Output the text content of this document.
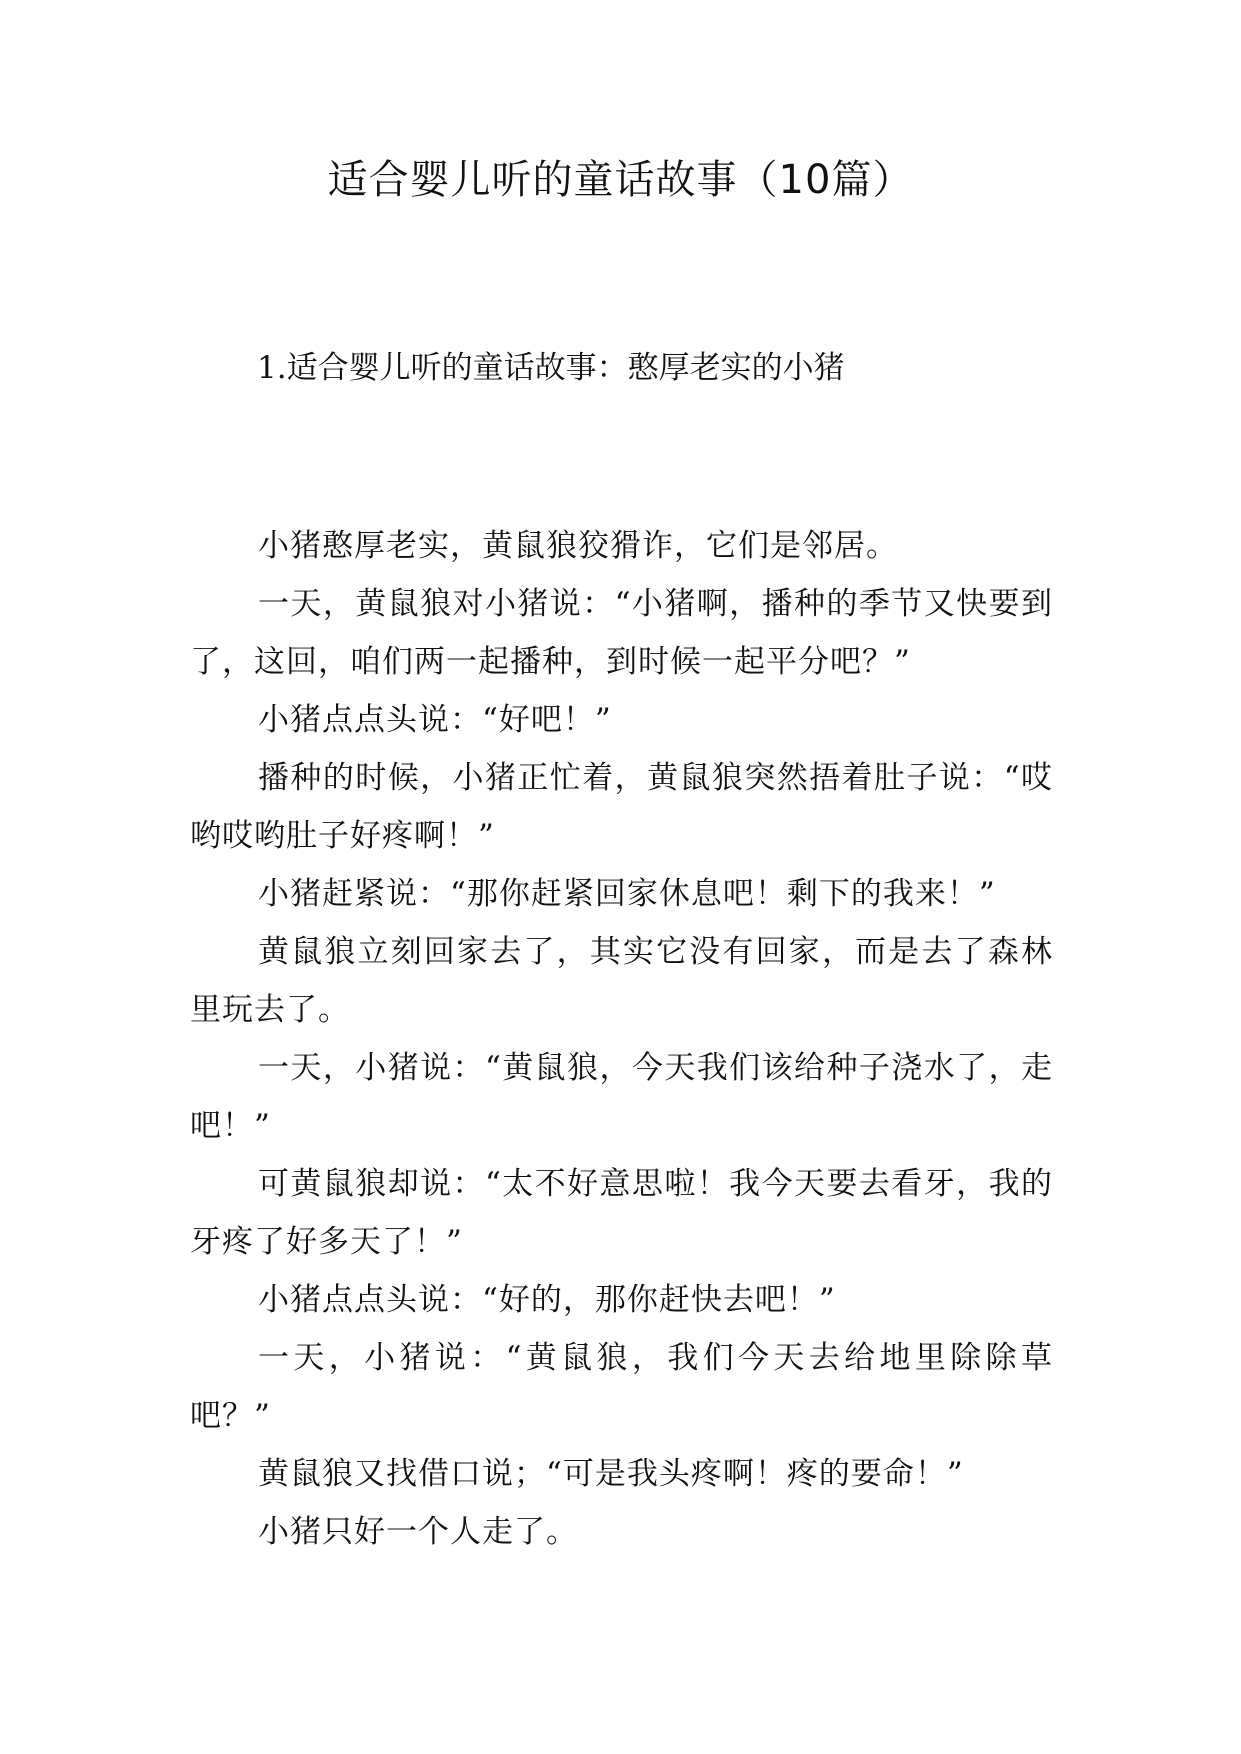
适合婴儿听的童话故事（10篇）
1.适合婴儿听的童话故事：憨厚老实的小猪

小猪憨厚老实，黄鼠狼狡猾诈，它们是邻居。

一天，黄鼠狼对小猪说：“小猪啊，播种的季节又快要到了，这回，咱们两一起播种，到时候一起平分吧？”

小猪点点头说：“好吧！”

播种的时候，小猪正忙着，黄鼠狼突然捂着肚子说：“哎哟哎哟肚子好疼啊！”

小猪赶紧说：“那你赶紧回家休息吧！剩下的我来！”

黄鼠狼立刻回家去了，其实它没有回家，而是去了森林里玩去了。

一天，小猪说：“黄鼠狼，今天我们该给种子浇水了，走吧！”

可黄鼠狼却说：“太不好意思啦！我今天要去看牙，我的牙疼了好多天了！”

小猪点点头说：“好的，那你赶快去吧！”

一天，小猪说：“黄鼠狼，我们今天去给地里除除草吧？”

黄鼠狼又找借口说；“可是我头疼啊！疼的要命！”

小猪只好一个人走了。
